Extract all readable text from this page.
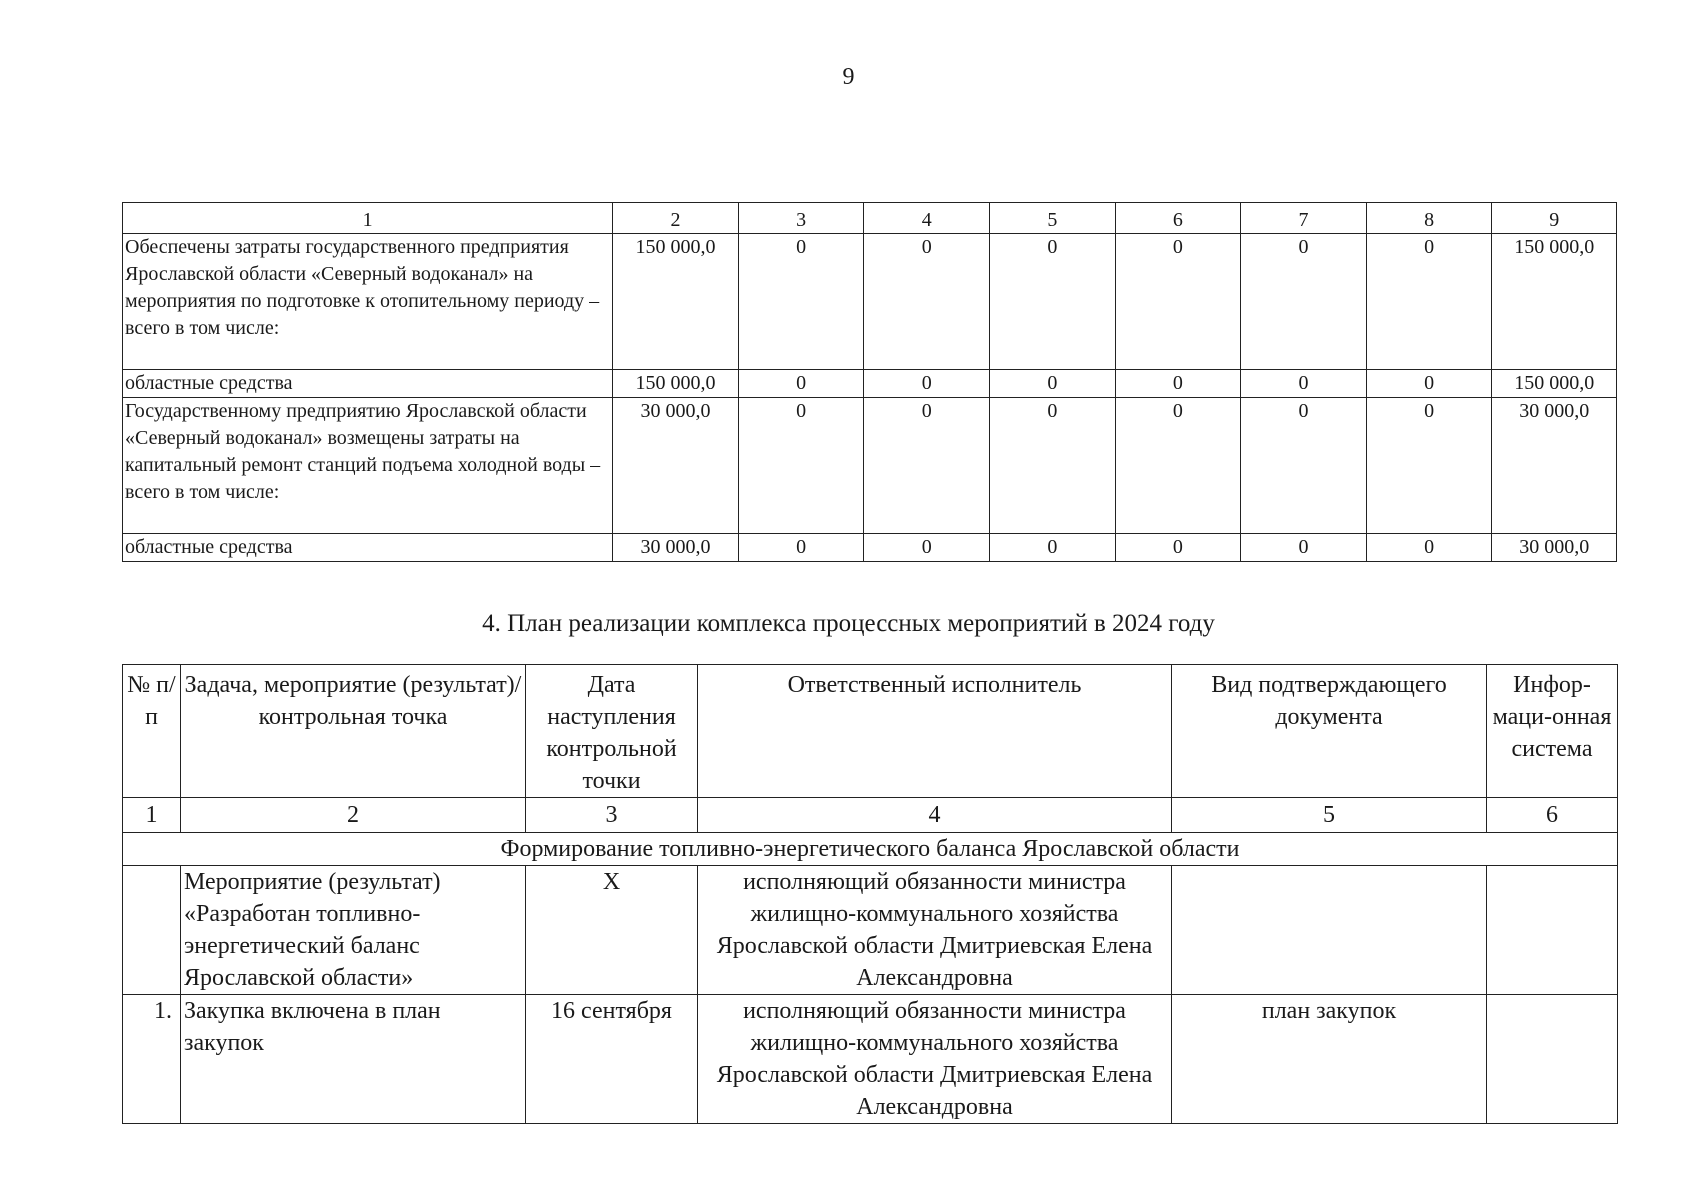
9
1	2	3	4	5	6	7	8	9
Обеспечены затраты государственного предприятия Ярославской области «Северный водоканал» на мероприятия по подготовке к отопительному периоду – всего в том числе:	150 000,0	0	0	0	0	0	0	150 000,0
областные средства	150 000,0	0	0	0	0	0	0	150 000,0
Государственному предприятию Ярославской области «Северный водоканал» возмещены затраты на капитальный ремонт станций подъема холодной воды – всего в том числе:	30 000,0	0	0	0	0	0	0	30 000,0
областные средства	30 000,0	0	0	0	0	0	0	30 000,0
4. План реализации комплекса процессных мероприятий в 2024 году
№ п/п	Задача, мероприятие (результат)/ контрольная точка	Дата наступления контрольной точки	Ответственный исполнитель	Вид подтверждающего документа	Инфор-маци-онная система
1	2	3	4	5	6
Формирование топливно-энергетического баланса Ярославской области					
	Мероприятие (результат) «Разработан топливно-энергетический баланс Ярославской области»	X	исполняющий обязанности министра жилищно-коммунального хозяйства Ярославской области Дмитриевская Елена Александровна		
1.	Закупка включена в план закупок	16 сентября	исполняющий обязанности министра жилищно-коммунального хозяйства Ярославской области Дмитриевская Елена Александровна	план закупок	
